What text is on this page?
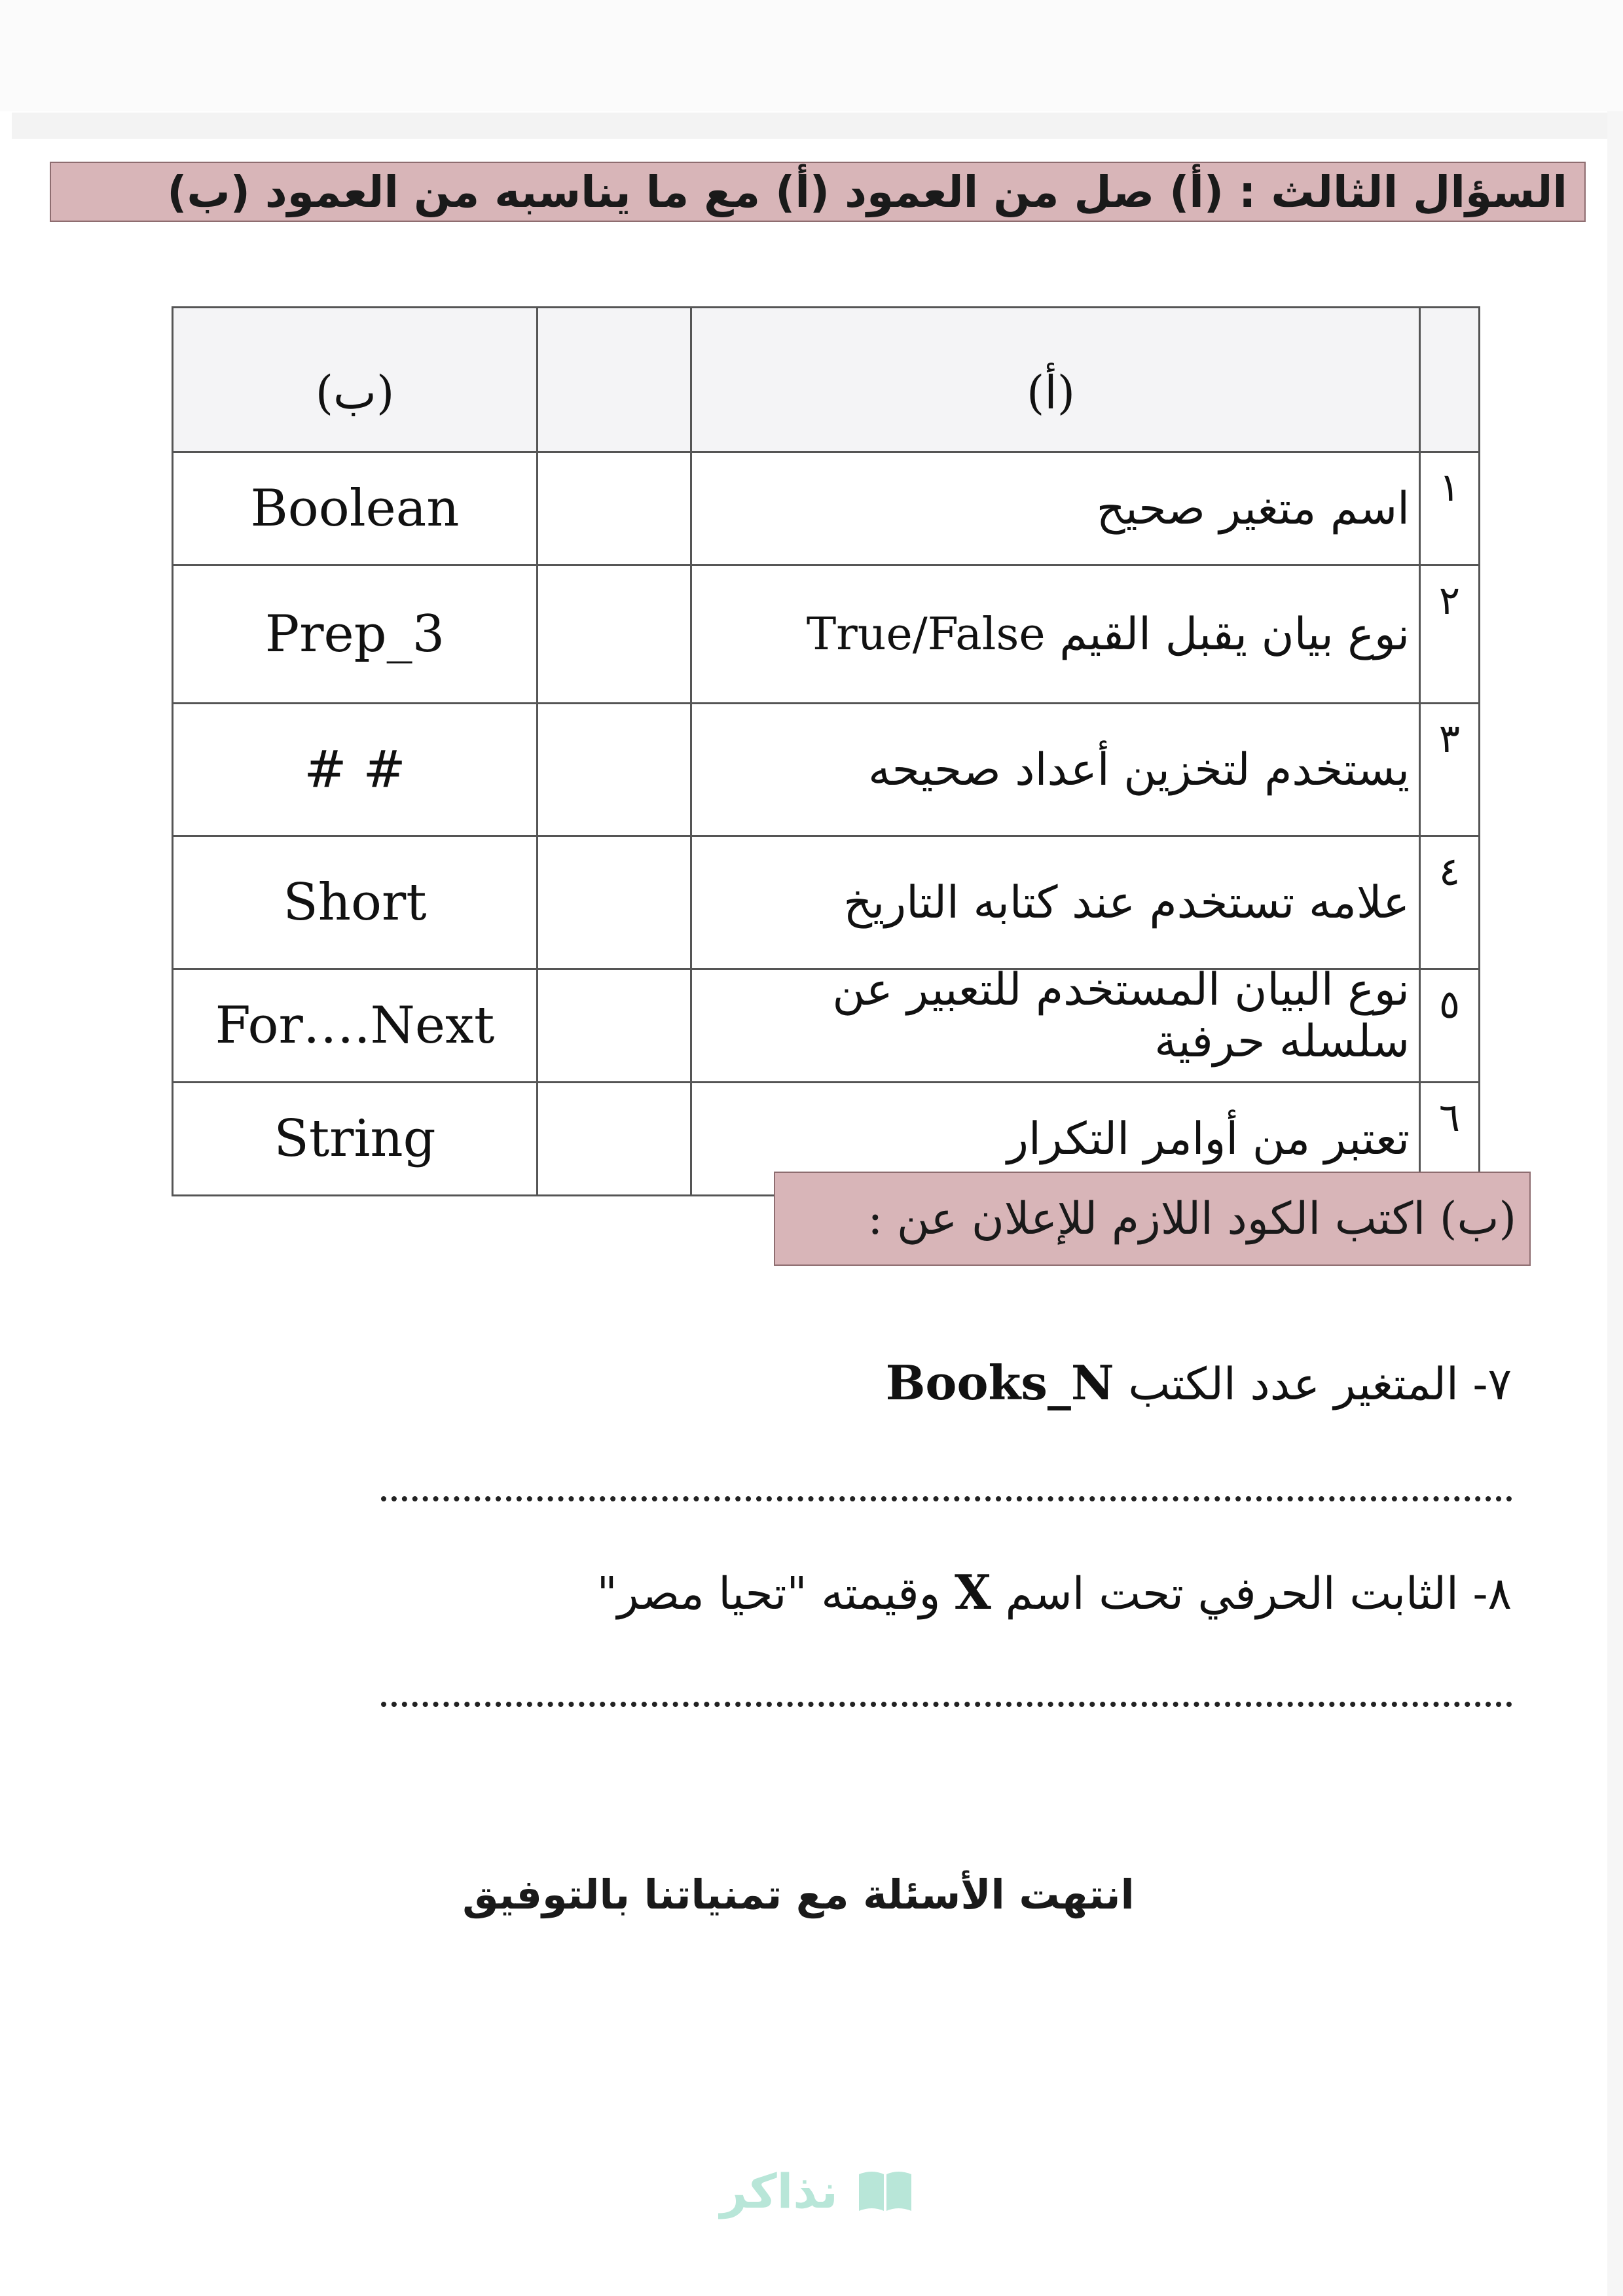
السؤال الثالث : (أ) صل من العمود (أ) مع ما يناسبه من العمود (ب)
	(أ)		(ب)
١	اسم متغير صحيح		Boolean
٢	نوع بيان يقبل القيم True/False		Prep_3
٣	يستخدم لتخزين أعداد صحيحه		# #
٤	علامه تستخدم عند كتابه التاريخ		Short
٥	نوع البيان المستخدم للتعبير عن سلسله حرفية		For….Next
٦	تعتبر من أوامر التكرار		String
(ب) اكتب الكود اللازم للإعلان عن :
٧- المتغير عدد الكتب Books_N
٨- الثابت الحرفي تحت اسم X وقيمته "تحيا مصر"
انتهت الأسئلة مع تمنياتنا بالتوفيق
نذاكر
